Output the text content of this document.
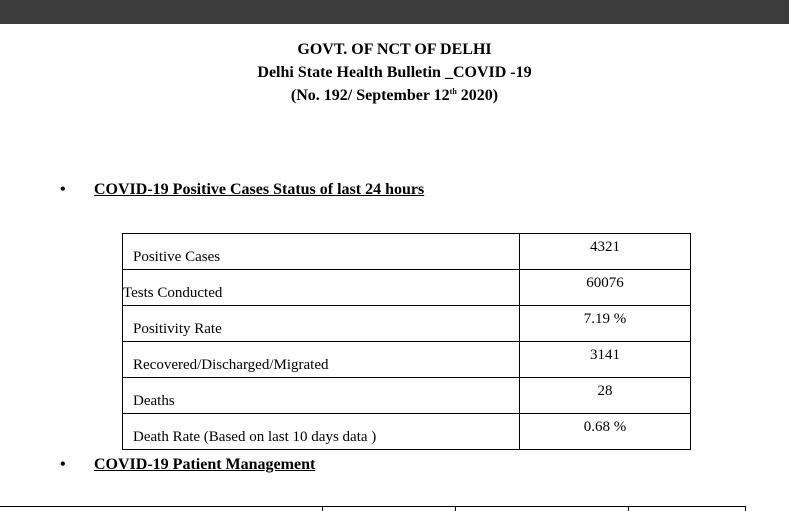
GOVT. OF NCT OF DELHI
Delhi State Health Bulletin _COVID -19
(No. 192/ September 12th 2020)
• COVID-19 Positive Cases Status of last 24 hours
Positive Cases	4321
Tests Conducted	60076
Positivity Rate	7.19 %
Recovered/Discharged/Migrated	3141
Deaths	28
Death Rate (Based on last 10 days data )	0.68 %
• COVID-19 Patient Management
